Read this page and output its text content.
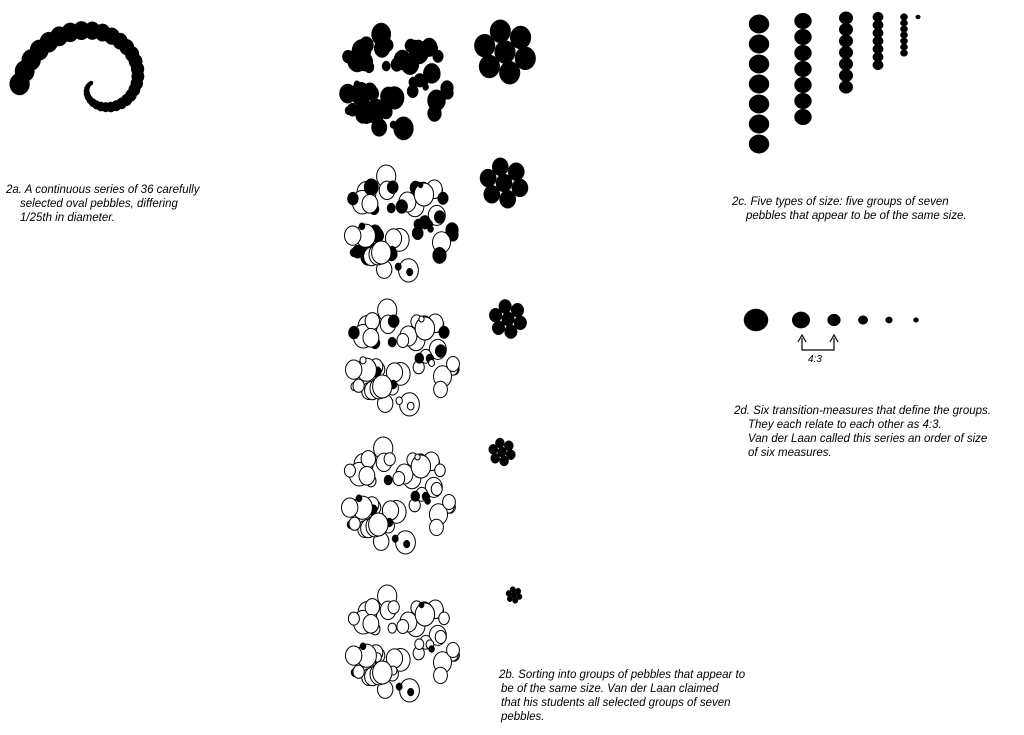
4:3
2a. A continuous series of 36 carefully
selected oval pebbles, differing
1/25th in diameter.
2b. Sorting into groups of pebbles that appear to
be of the same size. Van der Laan claimed
that his students all selected groups of seven
pebbles.
2c. Five types of size: five groups of seven
pebbles that appear to be of the same size.
2d. Six transition-measures that define the groups.
They each relate to each other as 4:3.
Van der Laan called this series an order of size
of six measures.
